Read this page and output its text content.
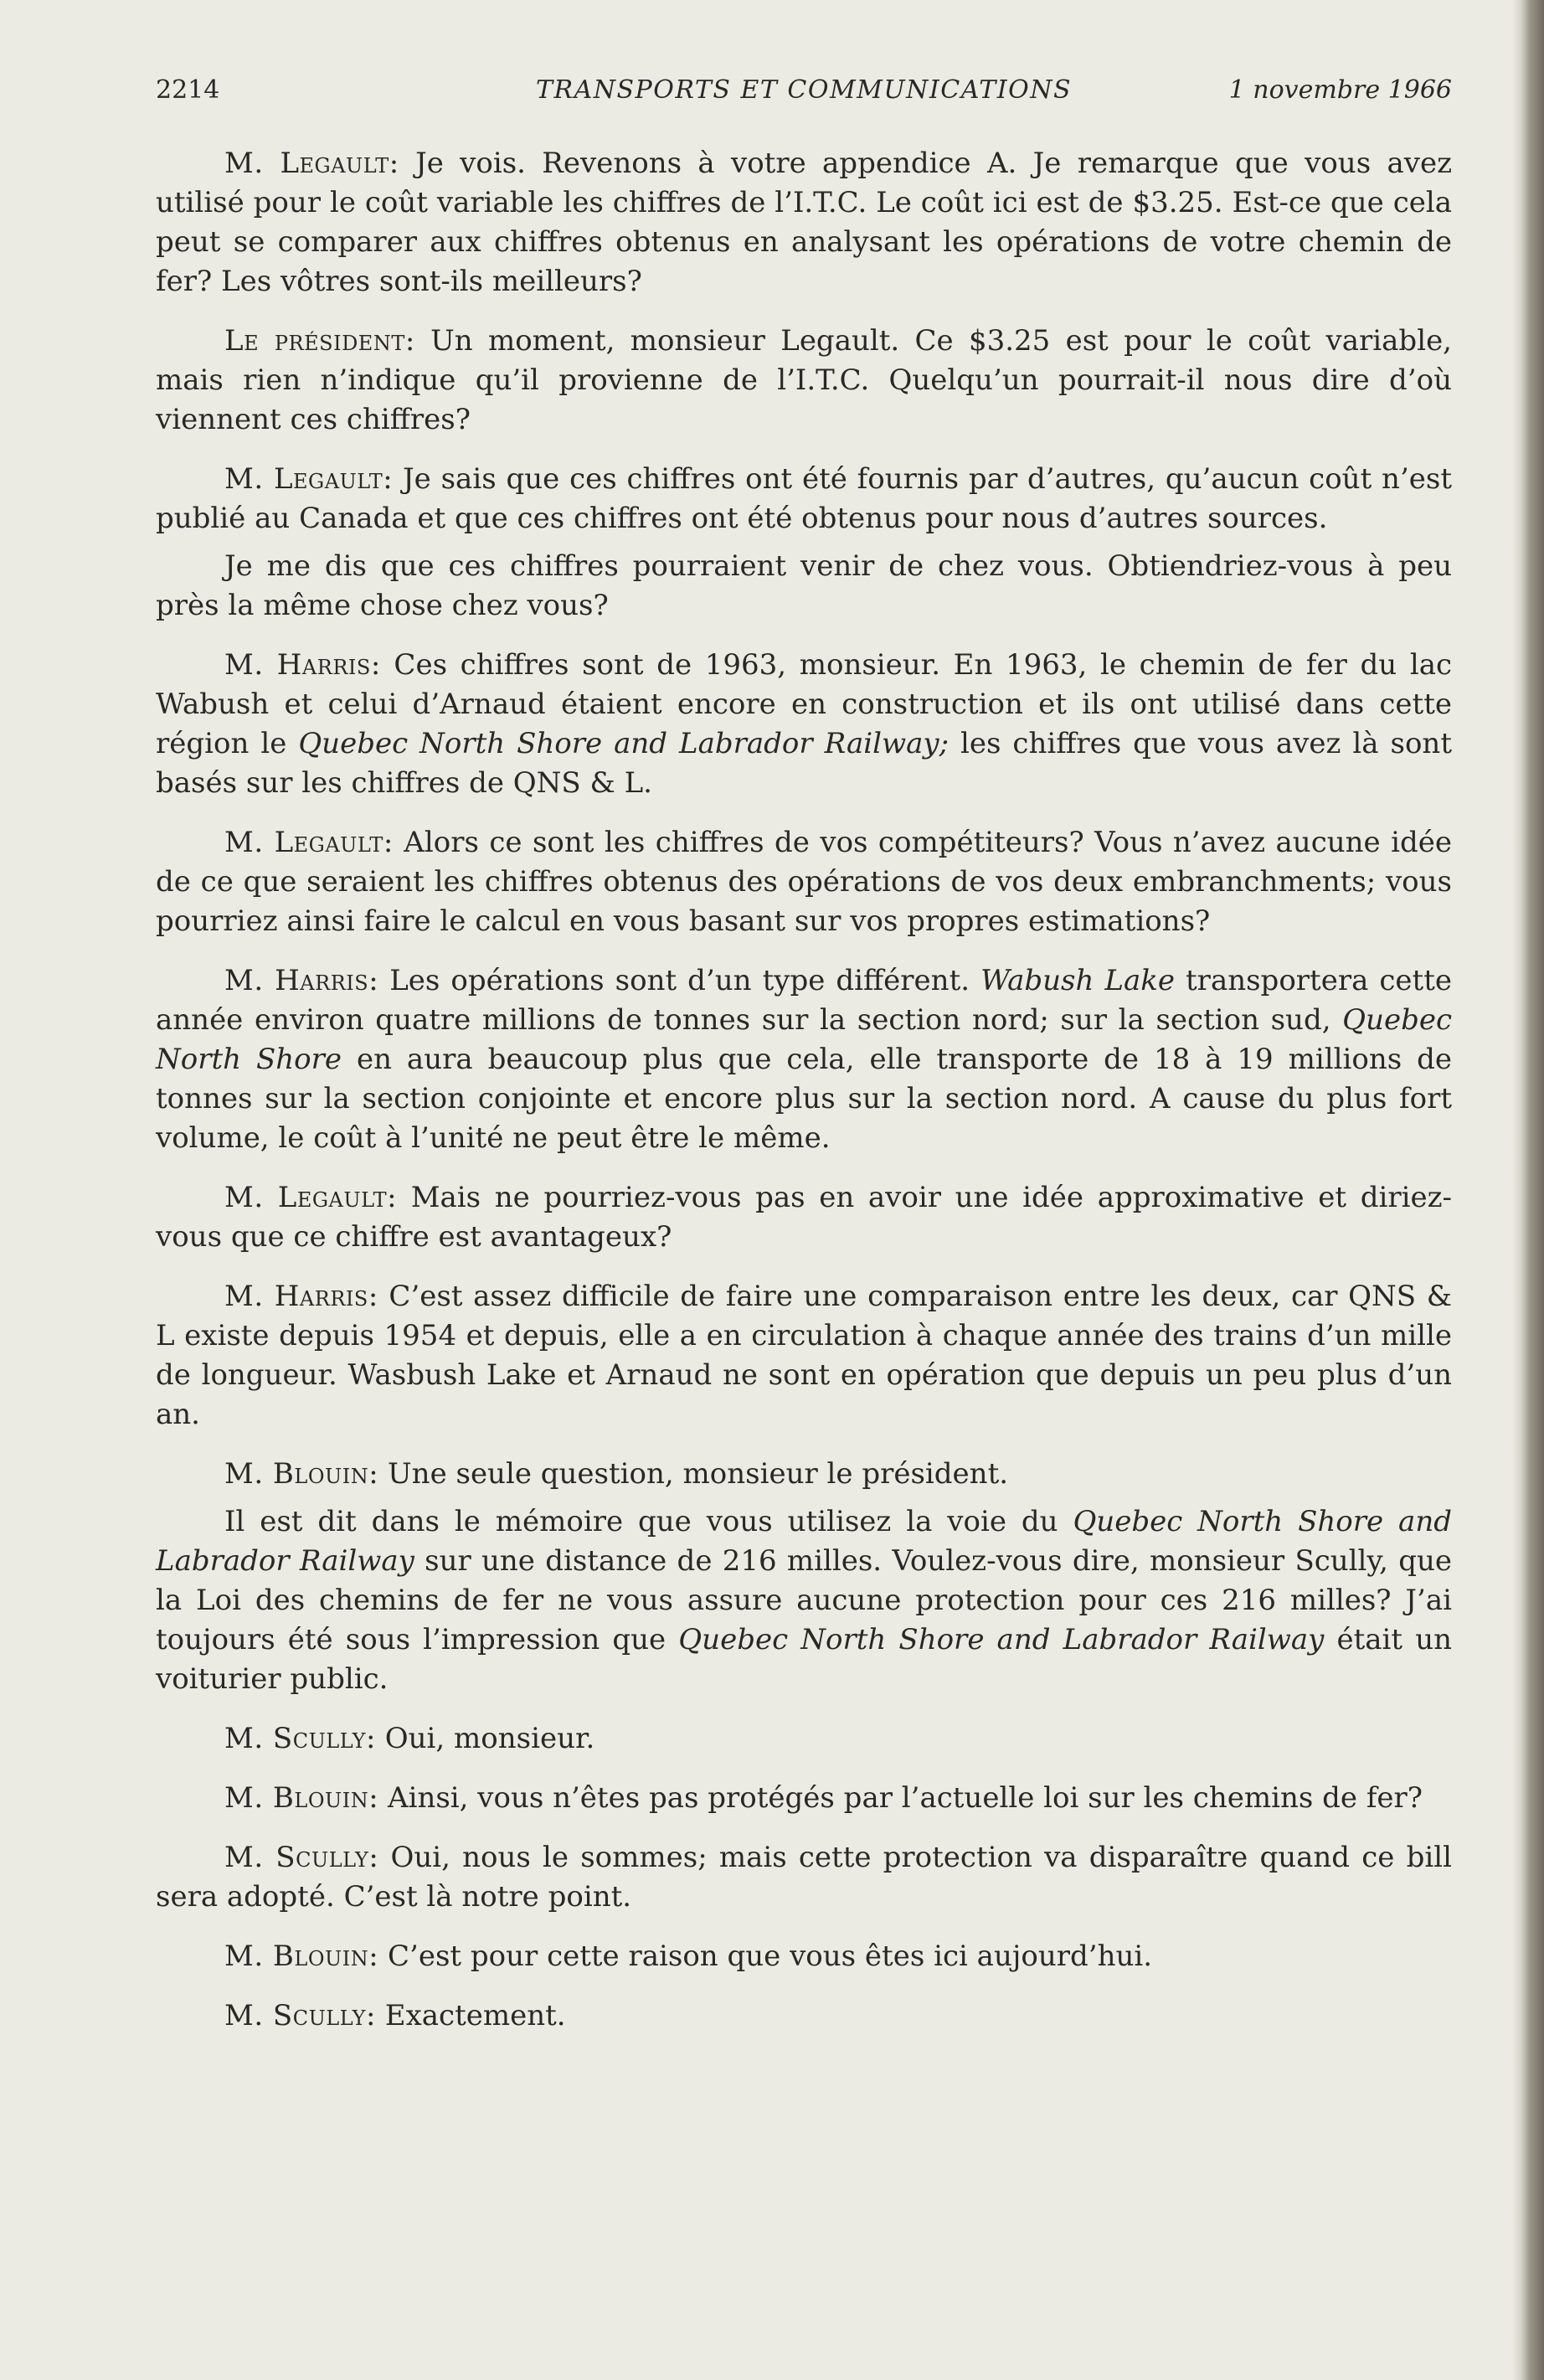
2214	TRANSPORTS ET COMMUNICATIONS	1 novembre 1966

M. Legault: Je vois. Revenons à votre appendice A. Je remarque que vous avez utilisé pour le coût variable les chiffres de l’I.T.C. Le coût ici est de $3.25. Est-ce que cela peut se comparer aux chiffres obtenus en analysant les opérations de votre chemin de fer? Les vôtres sont-ils meilleurs?

Le président: Un moment, monsieur Legault. Ce $3.25 est pour le coût variable, mais rien n’indique qu’il provienne de l’I.T.C. Quelqu’un pourrait-il nous dire d’où viennent ces chiffres?

M. Legault: Je sais que ces chiffres ont été fournis par d’autres, qu’aucun coût n’est publié au Canada et que ces chiffres ont été obtenus pour nous d’autres sources.

Je me dis que ces chiffres pourraient venir de chez vous. Obtiendriez-vous à peu près la même chose chez vous?

M. Harris: Ces chiffres sont de 1963, monsieur. En 1963, le chemin de fer du lac Wabush et celui d’Arnaud étaient encore en construction et ils ont utilisé dans cette région le Quebec North Shore and Labrador Railway; les chiffres que vous avez là sont basés sur les chiffres de QNS & L.

M. Legault: Alors ce sont les chiffres de vos compétiteurs? Vous n’avez aucune idée de ce que seraient les chiffres obtenus des opérations de vos deux embranchments; vous pourriez ainsi faire le calcul en vous basant sur vos propres estimations?

M. Harris: Les opérations sont d’un type différent. Wabush Lake transportera cette année environ quatre millions de tonnes sur la section nord; sur la section sud, Quebec North Shore en aura beaucoup plus que cela, elle transporte de 18 à 19 millions de tonnes sur la section conjointe et encore plus sur la section nord. A cause du plus fort volume, le coût à l’unité ne peut être le même.

M. Legault: Mais ne pourriez-vous pas en avoir une idée approximative et diriez-vous que ce chiffre est avantageux?

M. Harris: C’est assez difficile de faire une comparaison entre les deux, car QNS & L existe depuis 1954 et depuis, elle a en circulation à chaque année des trains d’un mille de longueur. Wasbush Lake et Arnaud ne sont en opération que depuis un peu plus d’un an.

M. Blouin: Une seule question, monsieur le président.

Il est dit dans le mémoire que vous utilisez la voie du Quebec North Shore and Labrador Railway sur une distance de 216 milles. Voulez-vous dire, monsieur Scully, que la Loi des chemins de fer ne vous assure aucune protection pour ces 216 milles? J’ai toujours été sous l’impression que Quebec North Shore and Labrador Railway était un voiturier public.

M. Scully: Oui, monsieur.

M. Blouin: Ainsi, vous n’êtes pas protégés par l’actuelle loi sur les chemins de fer?

M. Scully: Oui, nous le sommes; mais cette protection va disparaître quand ce bill sera adopté. C’est là notre point.

M. Blouin: C’est pour cette raison que vous êtes ici aujourd’hui.

M. Scully: Exactement.
